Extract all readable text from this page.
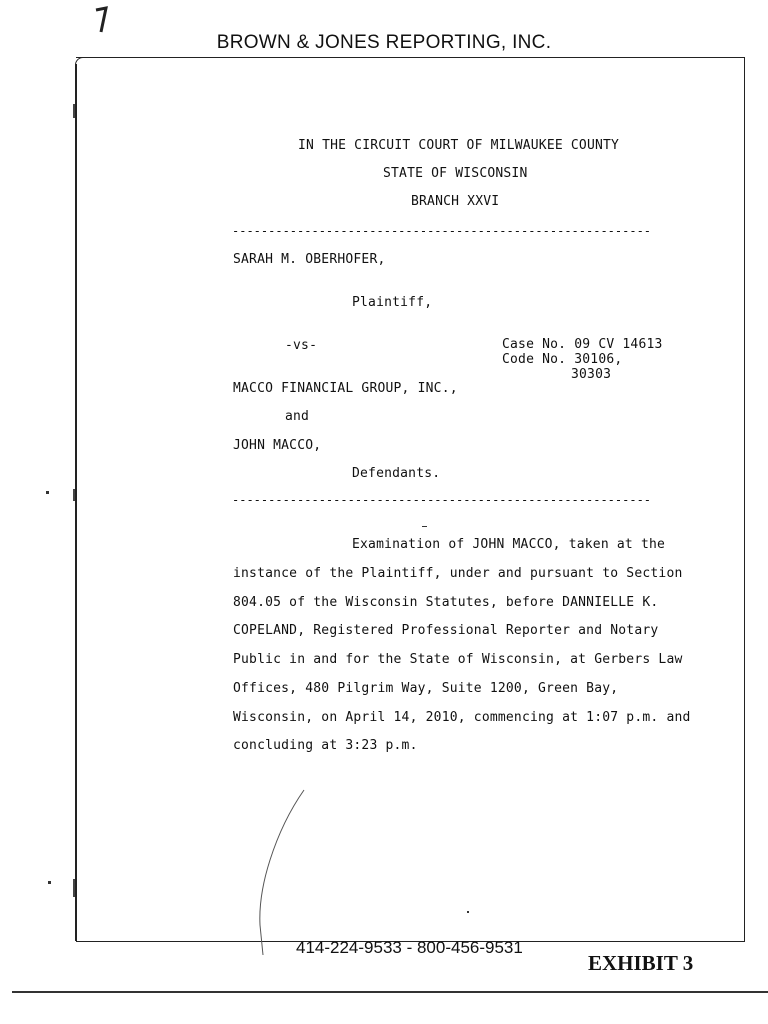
BROWN & JONES REPORTING, INC.
IN THE CIRCUIT COURT OF MILWAUKEE COUNTY
STATE OF WISCONSIN
BRANCH XXVI
----------------------------------------------------------
SARAH M. OBERHOFER,
Plaintiff,
-vs-	Case No. 09 CV 14613
Code No. 30106,
30303
MACCO FINANCIAL GROUP, INC.,
and
JOHN MACCO,
Defendants.
----------------------------------------------------------
Examination of JOHN MACCO, taken at the
instance of the Plaintiff, under and pursuant to Section
804.05 of the Wisconsin Statutes, before DANNIELLE K.
COPELAND, Registered Professional Reporter and Notary
Public in and for the State of Wisconsin, at Gerbers Law
Offices, 480 Pilgrim Way, Suite 1200, Green Bay,
Wisconsin, on April 14, 2010, commencing at 1:07 p.m. and
concluding at 3:23 p.m.
414-224-9533 - 800-456-9531
EXHIBIT 3
